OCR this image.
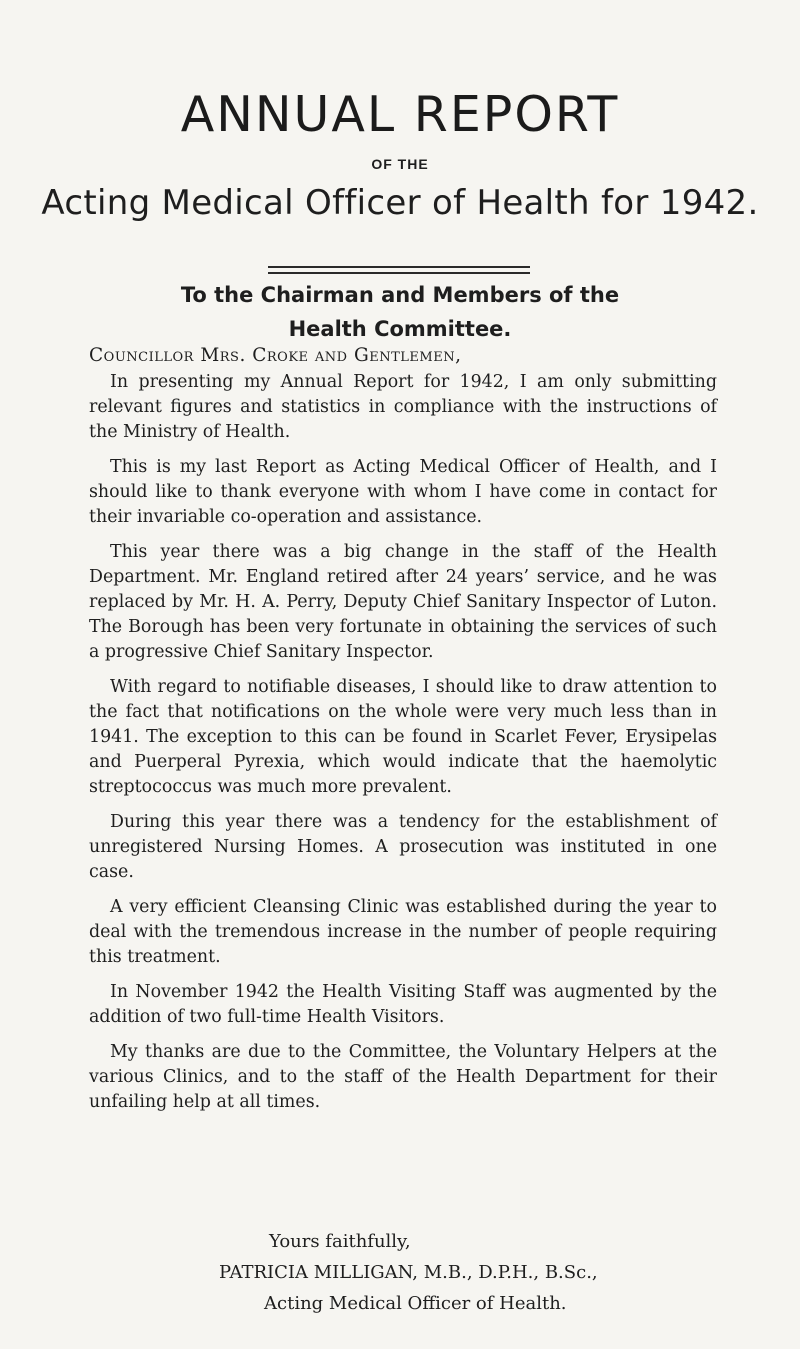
ANNUAL REPORT
OF THE
Acting Medical Officer of Health for 1942.
To the Chairman and Members of the
Health Committee.
Councillor Mrs. Croke and Gentlemen,

In presenting my Annual Report for 1942, I am only submitting relevant figures and statistics in compliance with the instructions of the Ministry of Health.

This is my last Report as Acting Medical Officer of Health, and I should like to thank everyone with whom I have come in contact for their invariable co-operation and assistance.

This year there was a big change in the staff of the Health Department. Mr. England retired after 24 years’ service, and he was replaced by Mr. H. A. Perry, Deputy Chief Sanitary Inspector of Luton. The Borough has been very fortunate in obtaining the services of such a progressive Chief Sanitary Inspector.

With regard to notifiable diseases, I should like to draw attention to the fact that notifications on the whole were very much less than in 1941. The exception to this can be found in Scarlet Fever, Erysipelas and Puerperal Pyrexia, which would indicate that the haemolytic streptococcus was much more prevalent.

During this year there was a tendency for the establishment of unregistered Nursing Homes. A prosecution was instituted in one case.

A very efficient Cleansing Clinic was established during the year to deal with the tremendous increase in the number of people requiring this treatment.

In November 1942 the Health Visiting Staff was augmented by the addition of two full-time Health Visitors.

My thanks are due to the Committee, the Voluntary Helpers at the various Clinics, and to the staff of the Health Department for their unfailing help at all times.

Yours faithfully,
PATRICIA MILLIGAN, M.B., D.P.H., B.Sc.,
Acting Medical Officer of Health.
